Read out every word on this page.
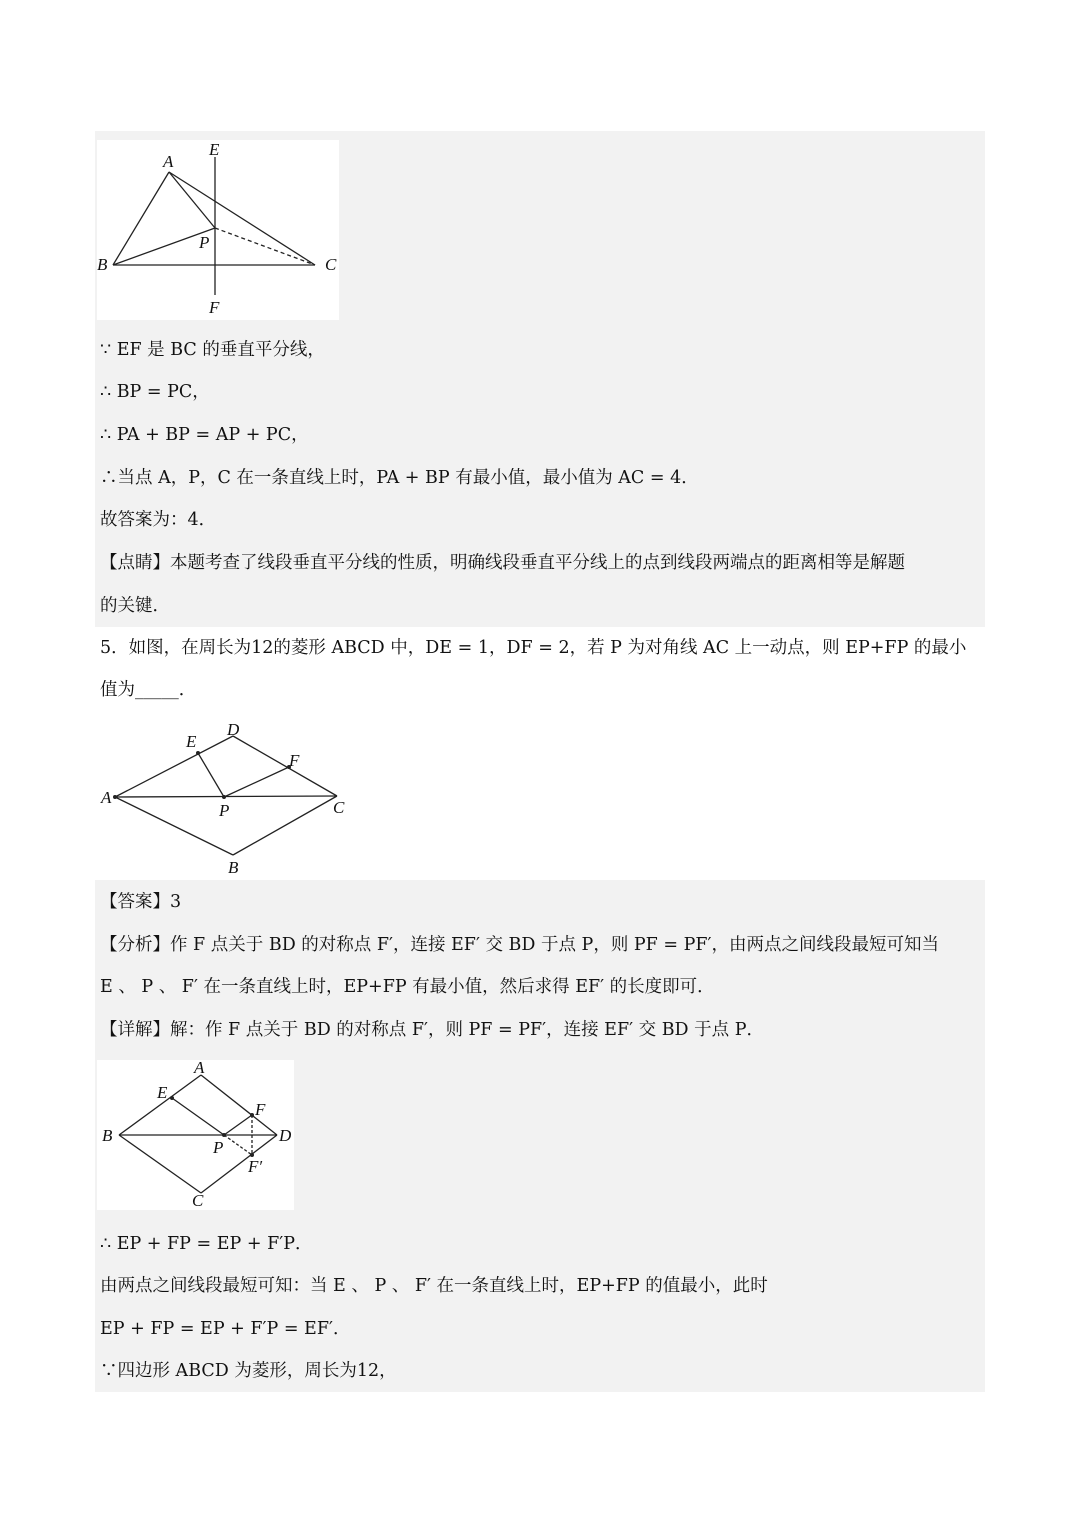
A
E
P
B	C
F
∵ EF 是 BC 的垂直平分线，
∴ BP = PC，
∴ PA + BP = AP + PC，
∴当点 A，P，C 在一条直线上时，PA + BP 有最小值，最小值为 AC = 4．
故答案为：4．
【点睛】本题考查了线段垂直平分线的性质，明确线段垂直平分线上的点到线段两端点的距离相等是解题
的关键．
5．如图，在周长为12的菱形 ABCD 中，DE = 1，DF = 2，若 P 为对角线 AC 上一动点，则 EP+FP 的最小
值为_____．
D
E
F
A
P	C
B
【答案】3
【分析】作 F 点关于 BD 的对称点 F′，连接 EF′ 交 BD 于点 P，则 PF = PF′，由两点之间线段最短可知当
E 、 P 、 F′ 在一条直线上时，EP+FP 有最小值，然后求得 EF′ 的长度即可．
【详解】解：作 F 点关于 BD 的对称点 F′，则 PF = PF′，连接 EF′ 交 BD 于点 P．
A
E
F
B
P
D
F′
C
∴ EP + FP = EP + F′P．
由两点之间线段最短可知：当 E 、 P 、 F′ 在一条直线上时，EP+FP 的值最小，此时
EP + FP = EP + F′P = EF′．
∵四边形 ABCD 为菱形，周长为12，
